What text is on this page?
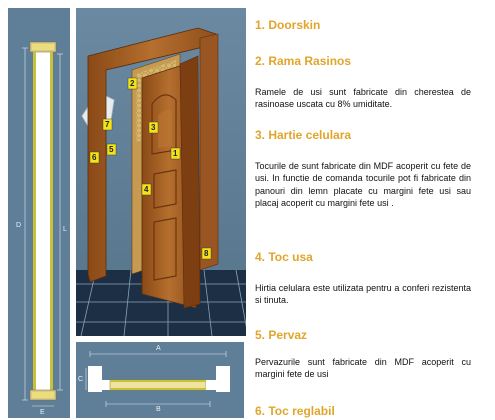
D
L
E
1
2
3
4
5
6
7
8
A
B
C
1. Doorskin
2. Rama Rasinos
Ramele de usi sunt fabricate din cherestea de rasinoase uscata cu 8% umiditate.
3. Hartie celulara
Tocurile de sunt fabricate din MDF acoperit cu fete de usi. In functie de comanda tocurile pot fi fabricate din panouri din lemn placate cu margini fete usi sau placaj acoperit cu margini fete usi .
4. Toc usa
Hirtia celulara este utilizata pentru a conferi rezistenta si tinuta.
5. Pervaz
Pervazurile sunt fabricate din MDF acoperit cu margini fete de usi
6. Toc reglabil
